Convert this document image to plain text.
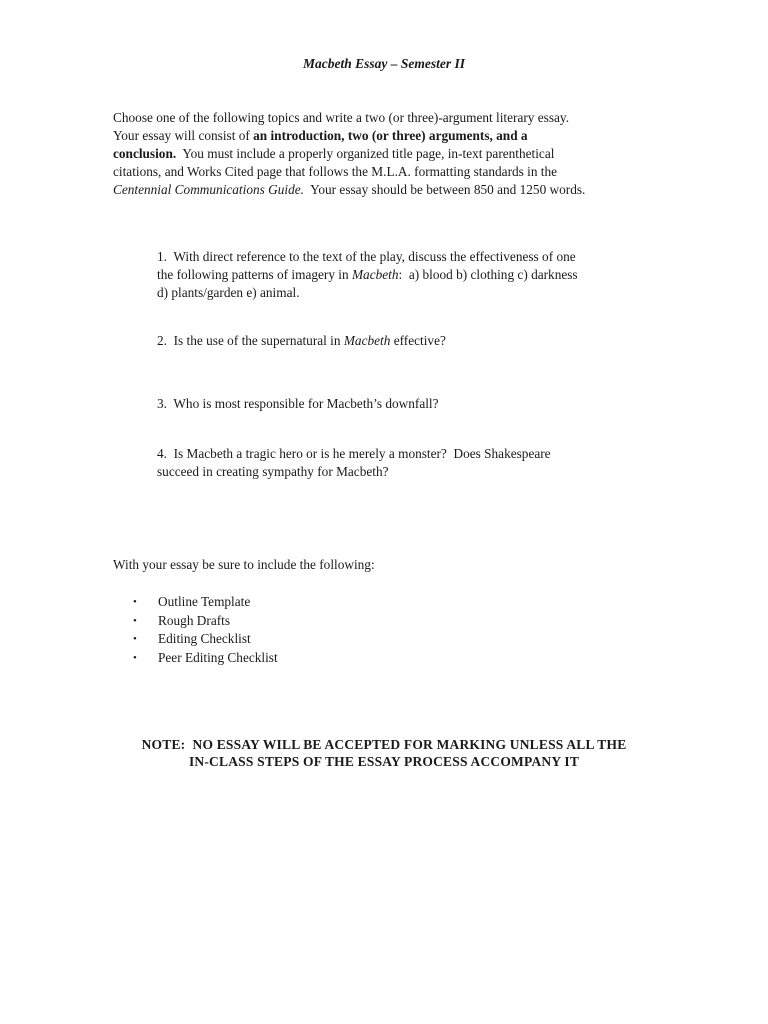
Macbeth Essay – Semester II
Choose one of the following topics and write a two (or three)-argument literary essay.
Your essay will consist of an introduction, two (or three) arguments, and a
conclusion.  You must include a properly organized title page, in-text parenthetical
citations, and Works Cited page that follows the M.L.A. formatting standards in the
Centennial Communications Guide.  Your essay should be between 850 and 1250 words.
1.  With direct reference to the text of the play, discuss the effectiveness of one
the following patterns of imagery in Macbeth:  a) blood b) clothing c) darkness
d) plants/garden e) animal.
2.  Is the use of the supernatural in Macbeth effective?
3.  Who is most responsible for Macbeth’s downfall?
4.  Is Macbeth a tragic hero or is he merely a monster?  Does Shakespeare
succeed in creating sympathy for Macbeth?
With your essay be sure to include the following:
• Outline Template
• Rough Drafts
• Editing Checklist
• Peer Editing Checklist
NOTE:  NO ESSAY WILL BE ACCEPTED FOR MARKING UNLESS ALL THE
IN-CLASS STEPS OF THE ESSAY PROCESS ACCOMPANY IT
